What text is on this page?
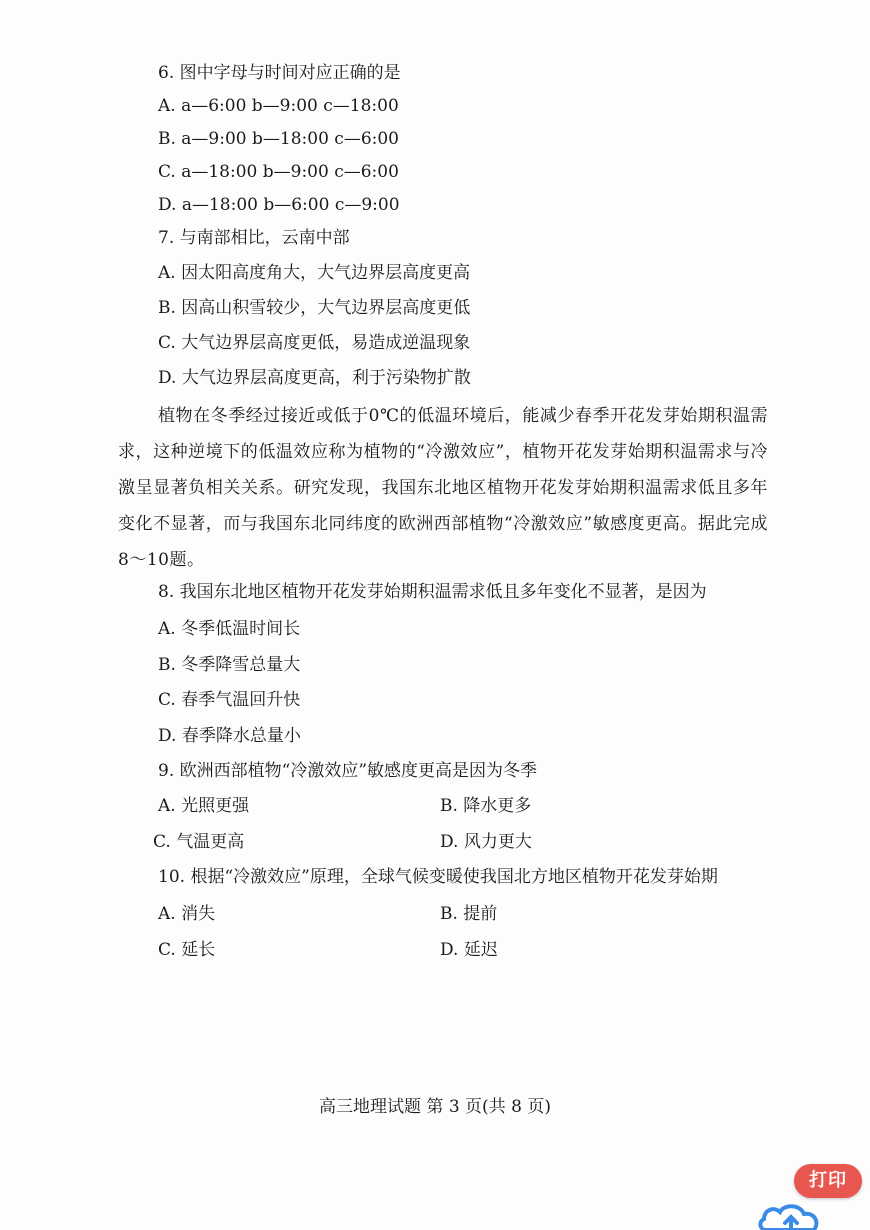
6. 图中字母与时间对应正确的是
A. a—6:00 b—9:00 c—18:00
B. a—9:00 b—18:00 c—6:00
C. a—18:00 b—9:00 c—6:00
D. a—18:00 b—6:00 c—9:00
7. 与南部相比，云南中部
A. 因太阳高度角大，大气边界层高度更高
B. 因高山积雪较少，大气边界层高度更低
C. 大气边界层高度更低，易造成逆温现象
D. 大气边界层高度更高，利于污染物扩散
植物在冬季经过接近或低于0℃的低温环境后，能减少春季开花发芽始期积温需求，这种逆境下的低温效应称为植物的“冷激效应”，植物开花发芽始期积温需求与冷激呈显著负相关关系。研究发现，我国东北地区植物开花发芽始期积温需求低且多年变化不显著，而与我国东北同纬度的欧洲西部植物“冷激效应”敏感度更高。据此完成8～10题。
8. 我国东北地区植物开花发芽始期积温需求低且多年变化不显著，是因为
A. 冬季低温时间长
B. 冬季降雪总量大
C. 春季气温回升快
D. 春季降水总量小
9. 欧洲西部植物“冷激效应”敏感度更高是因为冬季
A. 光照更强	B. 降水更多
C. 气温更高	D. 风力更大
10. 根据“冷激效应”原理，全球气候变暖使我国北方地区植物开花发芽始期
A. 消失	B. 提前
C. 延长	D. 延迟
高三地理试题 第 3 页(共 8 页)
打印
